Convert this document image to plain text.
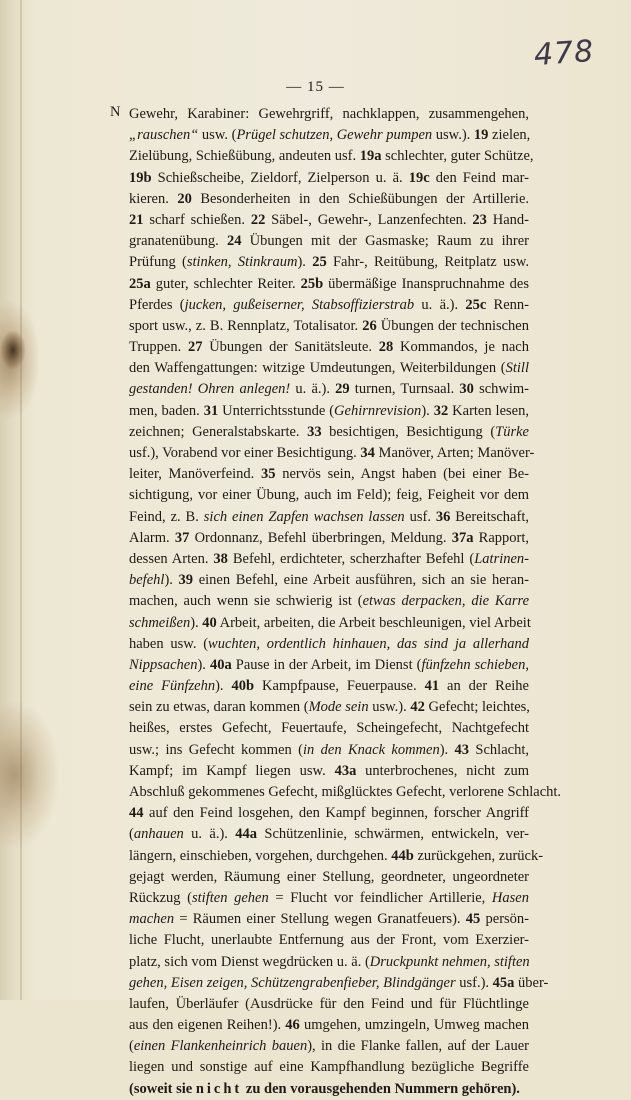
478
— 15 —
N Gewehr, Karabiner: Gewehrgriff, nachklappen, zusammengehen,
„rauschen“ usw. (Prügel schutzen, Gewehr pumpen usw.). 19 zielen,
Zielübung, Schießübung, andeuten usf. 19a schlechter, guter Schütze,
19b Schießscheibe, Zieldorf, Zielperson u. ä. 19c den Feind mar-
kieren. 20 Besonderheiten in den Schießübungen der Artillerie.
21 scharf schießen. 22 Säbel-, Gewehr-, Lanzenfechten. 23 Hand-
granatenübung. 24 Übungen mit der Gasmaske; Raum zu ihrer
Prüfung (stinken, Stinkraum). 25 Fahr-, Reitübung, Reitplatz usw.
25a guter, schlechter Reiter. 25b übermäßige Inanspruchnahme des
Pferdes (jucken, gußeiserner, Stabsoffizierstrab u. ä.). 25c Renn-
sport usw., z. B. Rennplatz, Totalisator. 26 Übungen der technischen
Truppen. 27 Übungen der Sanitätsleute. 28 Kommandos, je nach
den Waffengattungen: witzige Umdeutungen, Weiterbildungen (Still
gestanden! Ohren anlegen! u. ä.). 29 turnen, Turnsaal. 30 schwim-
men, baden. 31 Unterrichtsstunde (Gehirnrevision). 32 Karten lesen,
zeichnen; Generalstabskarte. 33 besichtigen, Besichtigung (Türke
usf.), Vorabend vor einer Besichtigung. 34 Manöver, Arten; Manöver-
leiter, Manöverfeind. 35 nervös sein, Angst haben (bei einer Be-
sichtigung, vor einer Übung, auch im Feld); feig, Feigheit vor dem
Feind, z. B. sich einen Zapfen wachsen lassen usf. 36 Bereitschaft,
Alarm. 37 Ordonnanz, Befehl überbringen, Meldung. 37a Rapport,
dessen Arten. 38 Befehl, erdichteter, scherzhafter Befehl (Latrinen-
befehl). 39 einen Befehl, eine Arbeit ausführen, sich an sie heran-
machen, auch wenn sie schwierig ist (etwas derpacken, die Karre
schmeißen). 40 Arbeit, arbeiten, die Arbeit beschleunigen, viel Arbeit
haben usw. (wuchten, ordentlich hinhauen, das sind ja allerhand
Nippsachen). 40a Pause in der Arbeit, im Dienst (fünfzehn schieben,
eine Fünfzehn). 40b Kampfpause, Feuerpause. 41 an der Reihe
sein zu etwas, daran kommen (Mode sein usw.). 42 Gefecht; leichtes,
heißes, erstes Gefecht, Feuertaufe, Scheingefecht, Nachtgefecht
usw.; ins Gefecht kommen (in den Knack kommen). 43 Schlacht,
Kampf; im Kampf liegen usw. 43a unterbrochenes, nicht zum
Abschluß gekommenes Gefecht, mißglücktes Gefecht, verlorene Schlacht.
44 auf den Feind losgehen, den Kampf beginnen, forscher Angriff
(anhauen u. ä.). 44a Schützenlinie, schwärmen, entwickeln, ver-
längern, einschieben, vorgehen, durchgehen. 44b zurückgehen, zurück-
gejagt werden, Räumung einer Stellung, geordneter, ungeordneter
Rückzug (stiften gehen = Flucht vor feindlicher Artillerie, Hasen
machen = Räumen einer Stellung wegen Granatfeuers). 45 persön-
liche Flucht, unerlaubte Entfernung aus der Front, vom Exerzier-
platz, sich vom Dienst wegdrücken u. ä. (Druckpunkt nehmen, stiften
gehen, Eisen zeigen, Schützengrabenfieber, Blindgänger usf.). 45a über-
laufen, Überläufer (Ausdrücke für den Feind und für Flüchtlinge
aus den eigenen Reihen!). 46 umgehen, umzingeln, Umweg machen
(einen Flankenheinrich bauen), in die Flanke fallen, auf der Lauer
liegen und sonstige auf eine Kampfhandlung bezügliche Begriffe
(soweit sie nicht zu den vorausgehenden Nummern gehören).
